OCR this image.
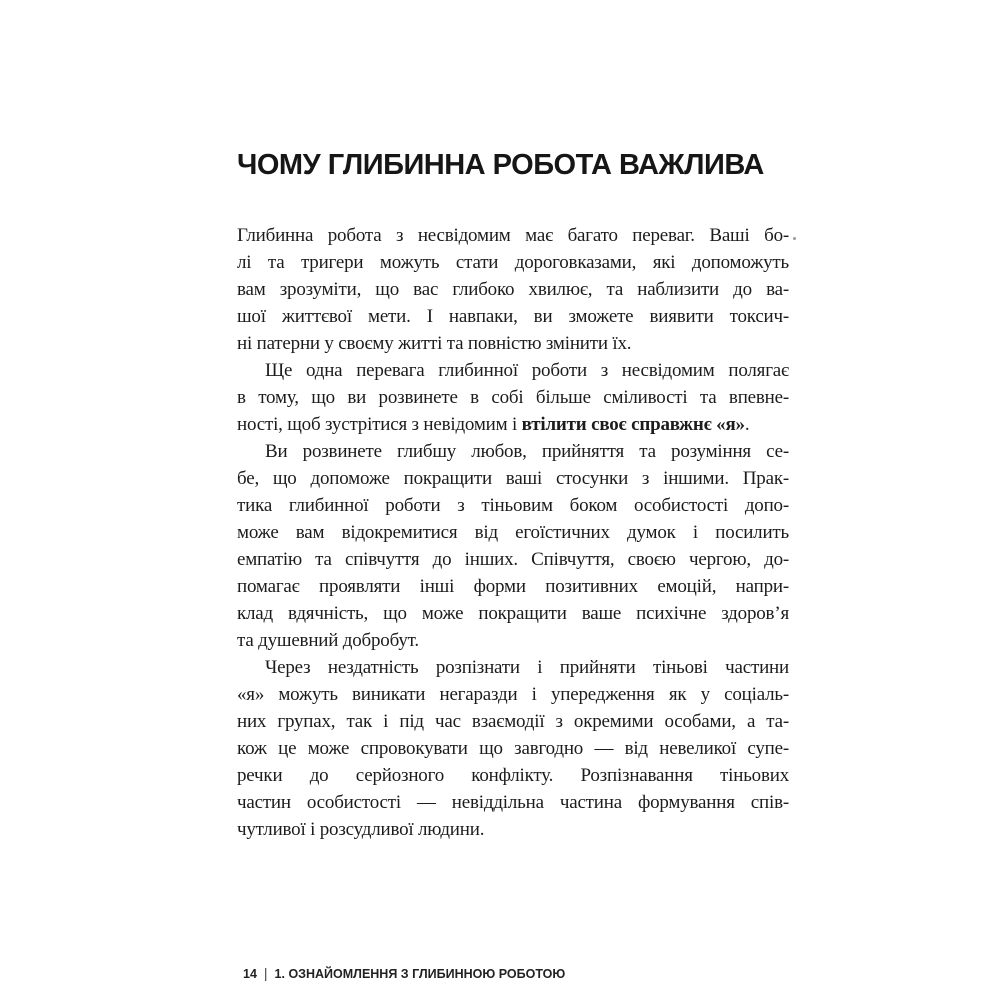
ЧОМУ ГЛИБИННА РОБОТА ВАЖЛИВА
Глибинна робота з несвідомим має багато переваг. Ваші бо-
лі та тригери можуть стати дороговказами, які допоможуть
вам зрозуміти, що вас глибоко хвилює, та наблизити до ва-
шої життєвої мети. І навпаки, ви зможете виявити токсич-
ні патерни у своєму житті та повністю змінити їх.
Ще одна перевага глибинної роботи з несвідомим полягає
в тому, що ви розвинете в собі більше сміливості та впевне-
ності, щоб зустрітися з невідомим і втілити своє справжнє «я».
Ви розвинете глибшу любов, прийняття та розуміння се-
бе, що допоможе покращити ваші стосунки з іншими. Прак-
тика глибинної роботи з тіньовим боком особистості допо-
може вам відокремитися від егоїстичних думок і посилить
емпатію та співчуття до інших. Співчуття, своєю чергою, до-
помагає проявляти інші форми позитивних емоцій, напри-
клад вдячність, що може покращити ваше психічне здоров’я
та душевний добробут.
Через нездатність розпізнати і прийняти тіньові частини
«я» можуть виникати негаразди і упередження як у соціаль-
них групах, так і під час взаємодії з окремими особами, а та-
кож це може спровокувати що завгодно — від невеликої супе-
речки до серйозного конфлікту. Розпізнавання тіньових
частин особистості — невіддільна частина формування спів-
чутливої і розсудливої людини.
14 | 1. ОЗНАЙОМЛЕННЯ З ГЛИБИННОЮ РОБОТОЮ
